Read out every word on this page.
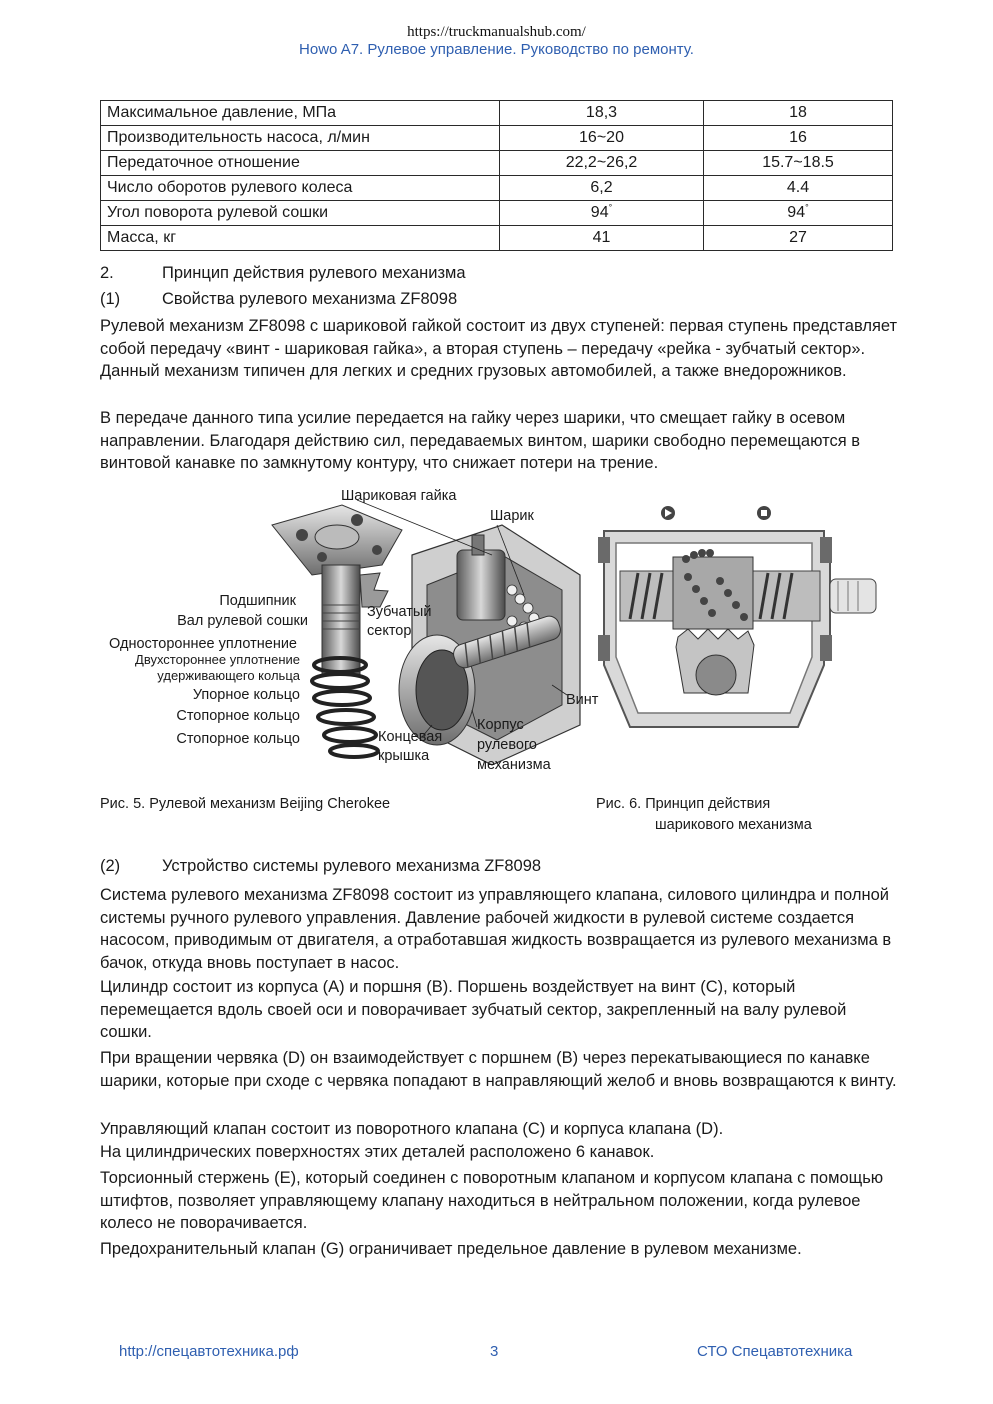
https://truckmanualshub.com/
Howo A7. Рулевое управление. Руководство по ремонту.
Максимальное давление, МПа	18,3	18
Производительность насоса, л/мин	16~20	16
Передаточное отношение	22,2~26,2	15.7~18.5
Число оборотов рулевого колеса	6,2	4.4
Угол поворота рулевой сошки	94°	94°
Масса, кг	41	27
2.	Принцип действия рулевого механизма
(1)	Свойства рулевого механизма ZF8098

Рулевой механизм ZF8098 с шариковой гайкой состоит из двух ступеней: первая ступень представляет собой передачу «винт - шариковая гайка», а вторая ступень – передачу «рейка - зубчатый сектор». Данный механизм типичен для легких и средних грузовых автомобилей, а также внедорожников.

В передаче данного типа усилие передается на гайку через шарики, что смещает гайку в осевом направлении. Благодаря действию сил, передаваемых винтом, шарики свободно перемещаются в винтовой канавке по замкнутому контуру, что снижает потери на трение.

Шариковая гайка
Шарик
Подшипник
Вал рулевой сошки
Одностороннее уплотнение
Двухстороннее уплотнение
удерживающего кольца
Упорное кольцо
Стопорное кольцо
Стопорное кольцо
Зубчатый
сектор
Концевая
крышка
Корпус
рулевого
механизма
Винт
Рис. 5. Рулевой механизм Beijing Cherokee	Рис. 6. Принцип действия
шарикового механизма
(2)	Устройство системы рулевого механизма ZF8098

Система рулевого механизма ZF8098 состоит из управляющего клапана, силового цилиндра и полной системы ручного рулевого управления. Давление рабочей жидкости в рулевой системе создается насосом, приводимым от двигателя, а отработавшая жидкость возвращается из рулевого механизма в бачок, откуда вновь поступает в насос.

Цилиндр состоит из корпуса (A) и поршня (B). Поршень воздействует на винт (C), который перемещается вдоль своей оси и поворачивает зубчатый сектор, закрепленный на валу рулевой сошки.

При вращении червяка (D) он взаимодействует с поршнем (B) через перекатывающиеся по канавке шарики, которые при сходе с червяка попадают в направляющий желоб и вновь возвращаются к винту.

Управляющий клапан состоит из поворотного клапана (C) и корпуса клапана (D).
На цилиндрических поверхностях этих деталей расположено 6 канавок.

Торсионный стержень (E), который соединен с поворотным клапаном и корпусом клапана с помощью штифтов, позволяет управляющему клапану находиться в нейтральном положении, когда рулевое колесо не поворачивается.

Предохранительный клапан (G) ограничивает предельное давление в рулевом механизме.

http://спецавтотехника.рф	3	СТО Спецавтотехника
